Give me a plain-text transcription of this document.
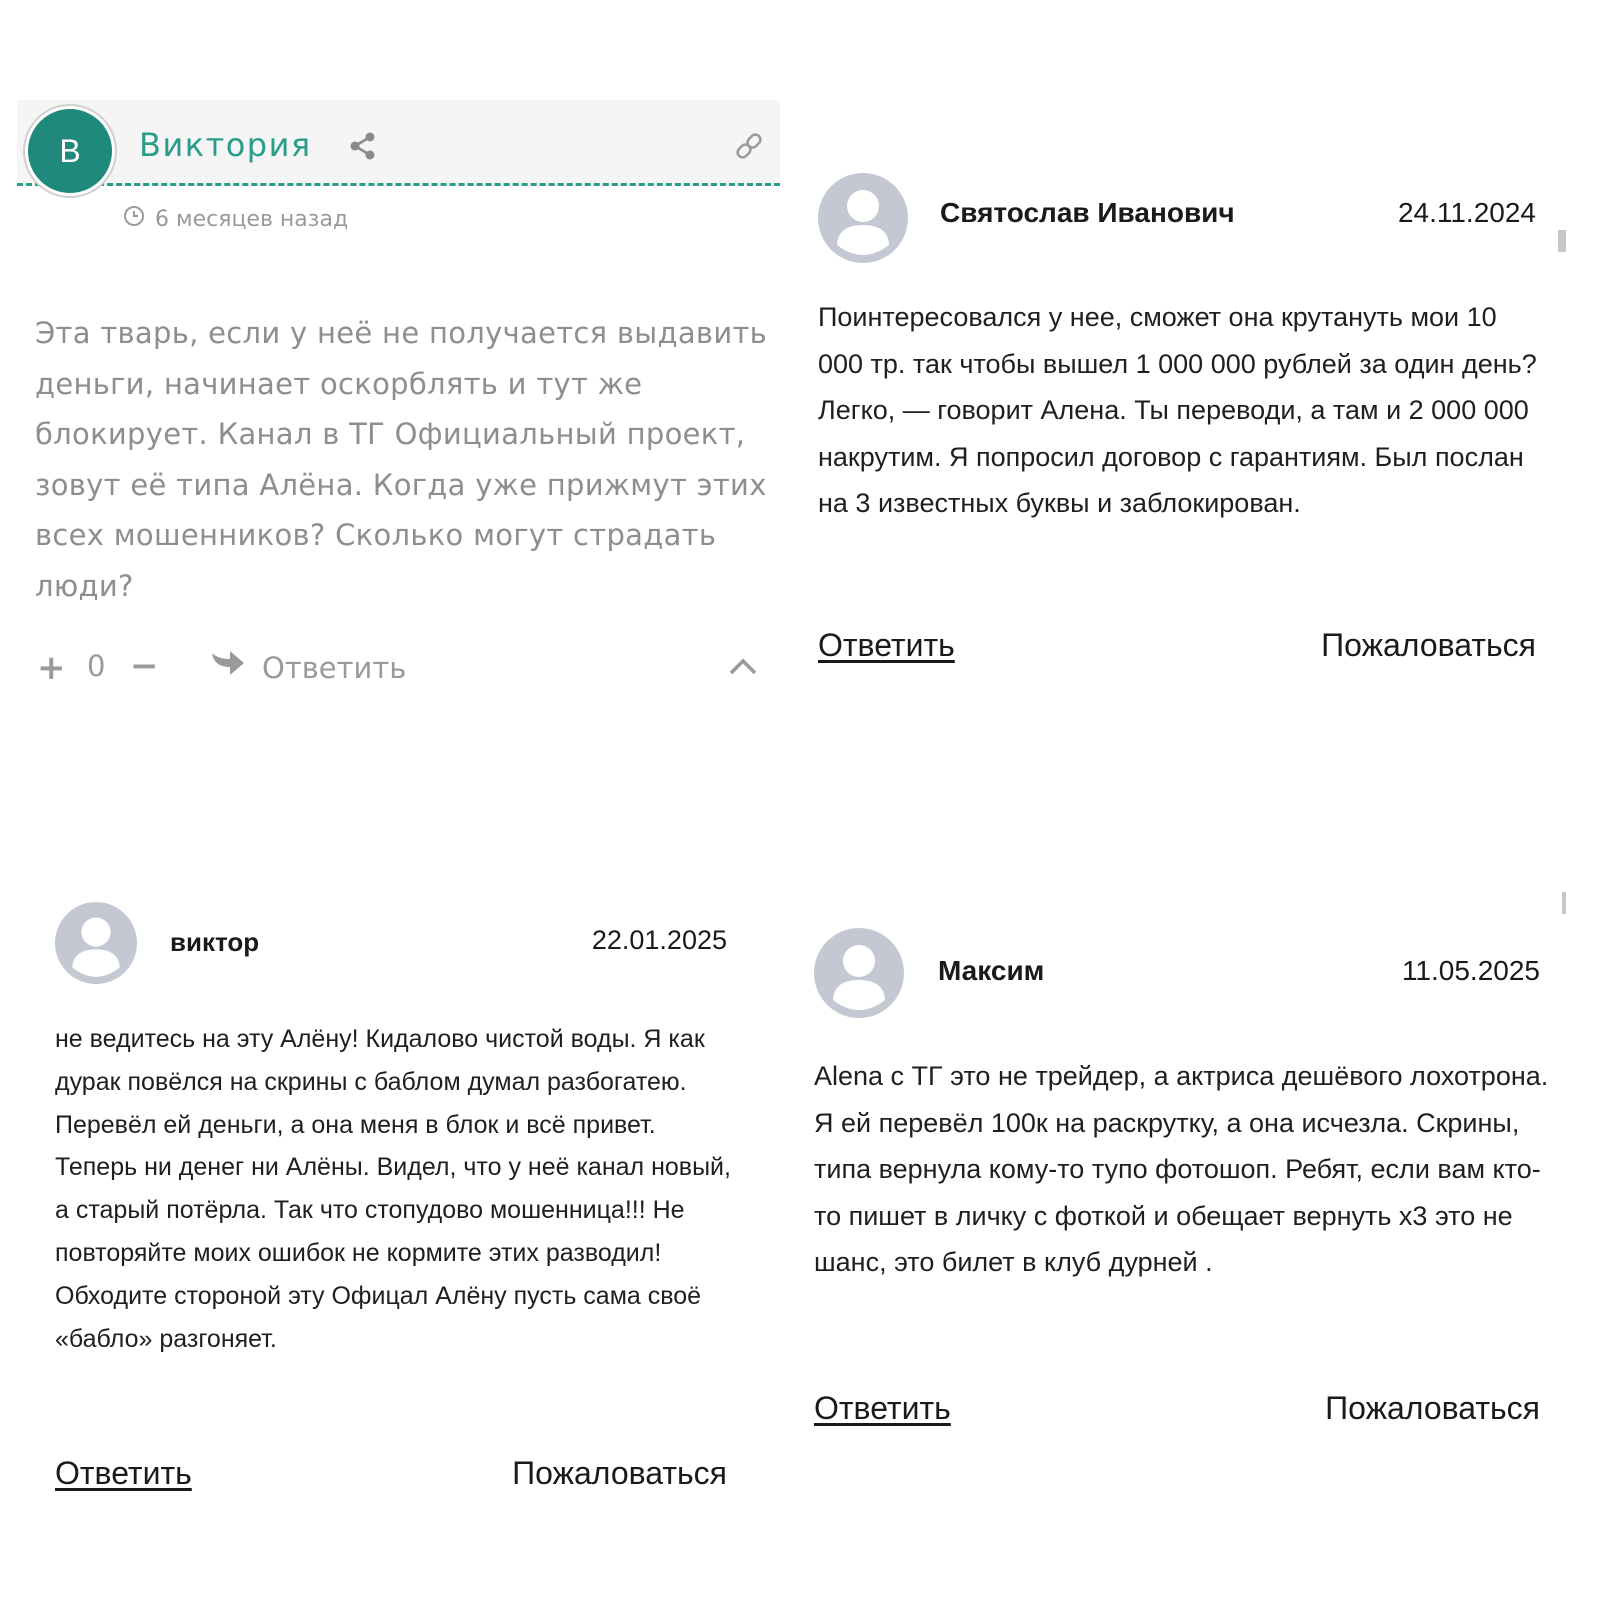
В	Виктория
6 месяцев назад
Эта тварь, если у неё не получается выдавить деньги, начинает оскорблять и тут же блокирует. Канал в ТГ Официальный проект, зовут её типа Алёна. Когда уже прижмут этих всех мошенников? Сколько могут страдать люди?
+ 0 −	Ответить
Святослав Иванович	24.11.2024
Поинтересовался у нее, сможет она крутануть мои 10 000 тр. так чтобы вышел 1 000 000 рублей за один день? Легко, — говорит Алена. Ты переводи, а там и 2 000 000 накрутим. Я попросил договор с гарантиям. Был послан на 3 известных буквы и заблокирован.
Ответить	Пожаловаться
виктор	22.01.2025
не ведитесь на эту Алёну! Кидалово чистой воды. Я как дурак повёлся на скрины с баблом думал разбогатею. Перевёл ей деньги, а она меня в блок и всё привет. Теперь ни денег ни Алёны. Видел, что у неё канал новый, а старый потёрла. Так что стопудово мошенница!!! Не повторяйте моих ошибок не кормите этих разводил! Обходите стороной эту Офицал Алёну пусть сама своё «бабло» разгоняет.
Ответить	Пожаловаться
Максим	11.05.2025
Alena с ТГ это не трейдер, а актриса дешёвого лохотрона. Я ей перевёл 100к на раскрутку, а она исчезла. Скрины, типа вернула кому-то тупо фотошоп. Ребят, если вам кто-то пишет в личку с фоткой и обещает вернуть х3 это не шанс, это билет в клуб дурней .
Ответить	Пожаловаться
